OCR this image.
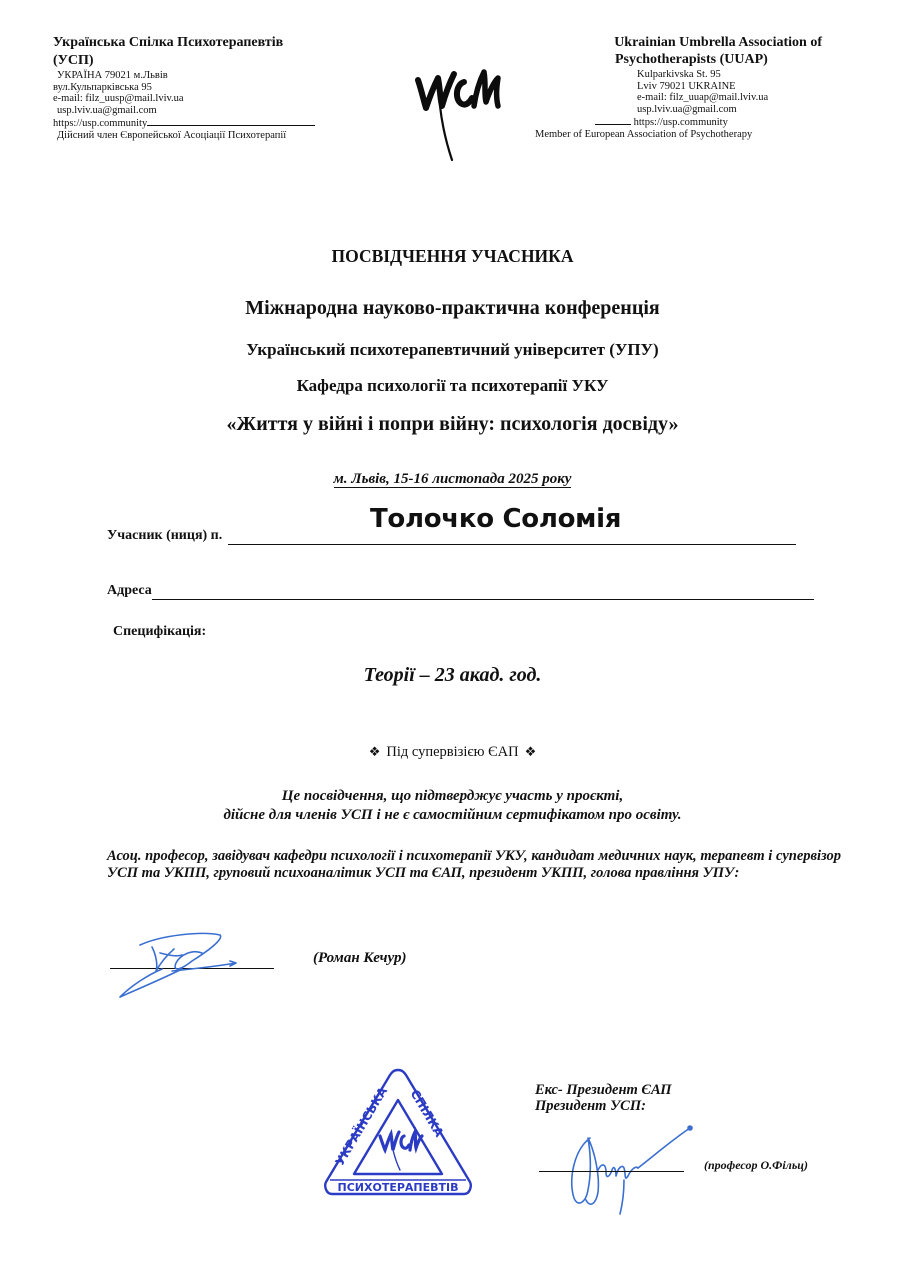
Українська Спілка Психотерапевтів
(УСП)
УКРАЇНА 79021 м.Львів
вул.Кульпарківська 95
e-mail: filz_uusp@mail.lviv.ua
usp.lviv.ua@gmail.com
https://usp.community
Дійсний член Європейської Асоціації Психотерапії
Ukrainian Umbrella Association of
Psychotherapists (UUAP)
Kulparkivska St. 95
Lviv 79021 UKRAINE
e-mail: filz_uuap@mail.lviv.ua
usp.lviv.ua@gmail.com
https://usp.community
Member of European Association of Psychotherapy
ПОСВІДЧЕННЯ УЧАСНИКА
Міжнародна науково-практична конференція
Український психотерапевтичний університет (УПУ)
Кафедра психології та психотерапії УКУ
«Життя у війні і попри війну: психологія досвіду»
м. Львів, 15-16 листопада 2025 року
Толочко Соломія
Учасник (ниця) п.
Адреса
Специфікація:
Теорії – 23 акад. год.
❖ Під супервізією ЄАП ❖
Це посвідчення, що підтверджує участь у проєкті,
дійсне для членів УСП і не є самостійним сертифікатом про освіту.
Асоц. професор, завідувач кафедри психології і психотерапії УКУ, кандидат медичних наук, терапевт і супервізор УСП та УКПП, груповий психоаналітик УСП та ЄАП, президент УКПП, голова правління УПУ:
(Роман Кечур)
УКРАЇНСЬКА СПІЛКА
ПСИХОТЕРАПЕВТІВ
Екс- Президент ЄАП
Президент УСП:
(професор О.Фільц)
